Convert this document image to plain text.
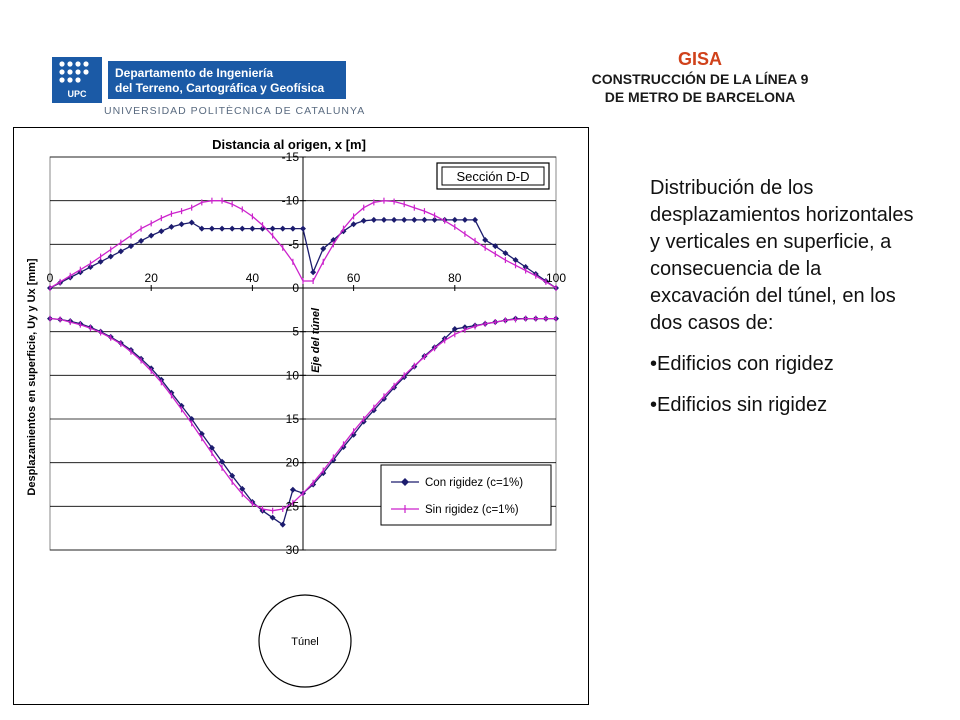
UPC
Departamento de Ingeniería
del Terreno, Cartográfica y Geofísica
UNIVERSIDAD POLITÈCNICA DE CATALUNYA
GISA
CONSTRUCCIÓN DE LA LÍNEA 9
DE METRO DE BARCELONA
0	20	40	60	80	100
-15
-10
-5
0
5
10
15
20
25
30
Distancia al origen, x [m]
Desplazamientos en superficie, Uy y Ux [mm]
Sección D-D
Eje del túnel
Con rigidez (c=1%)
Sin rigidez (c=1%)
Túnel

Distribución de los desplazamientos horizontales y verticales en superficie, a consecuencia de la excavación del túnel, en los dos casos de:

•Edificios con rigidez

•Edificios sin rigidez
